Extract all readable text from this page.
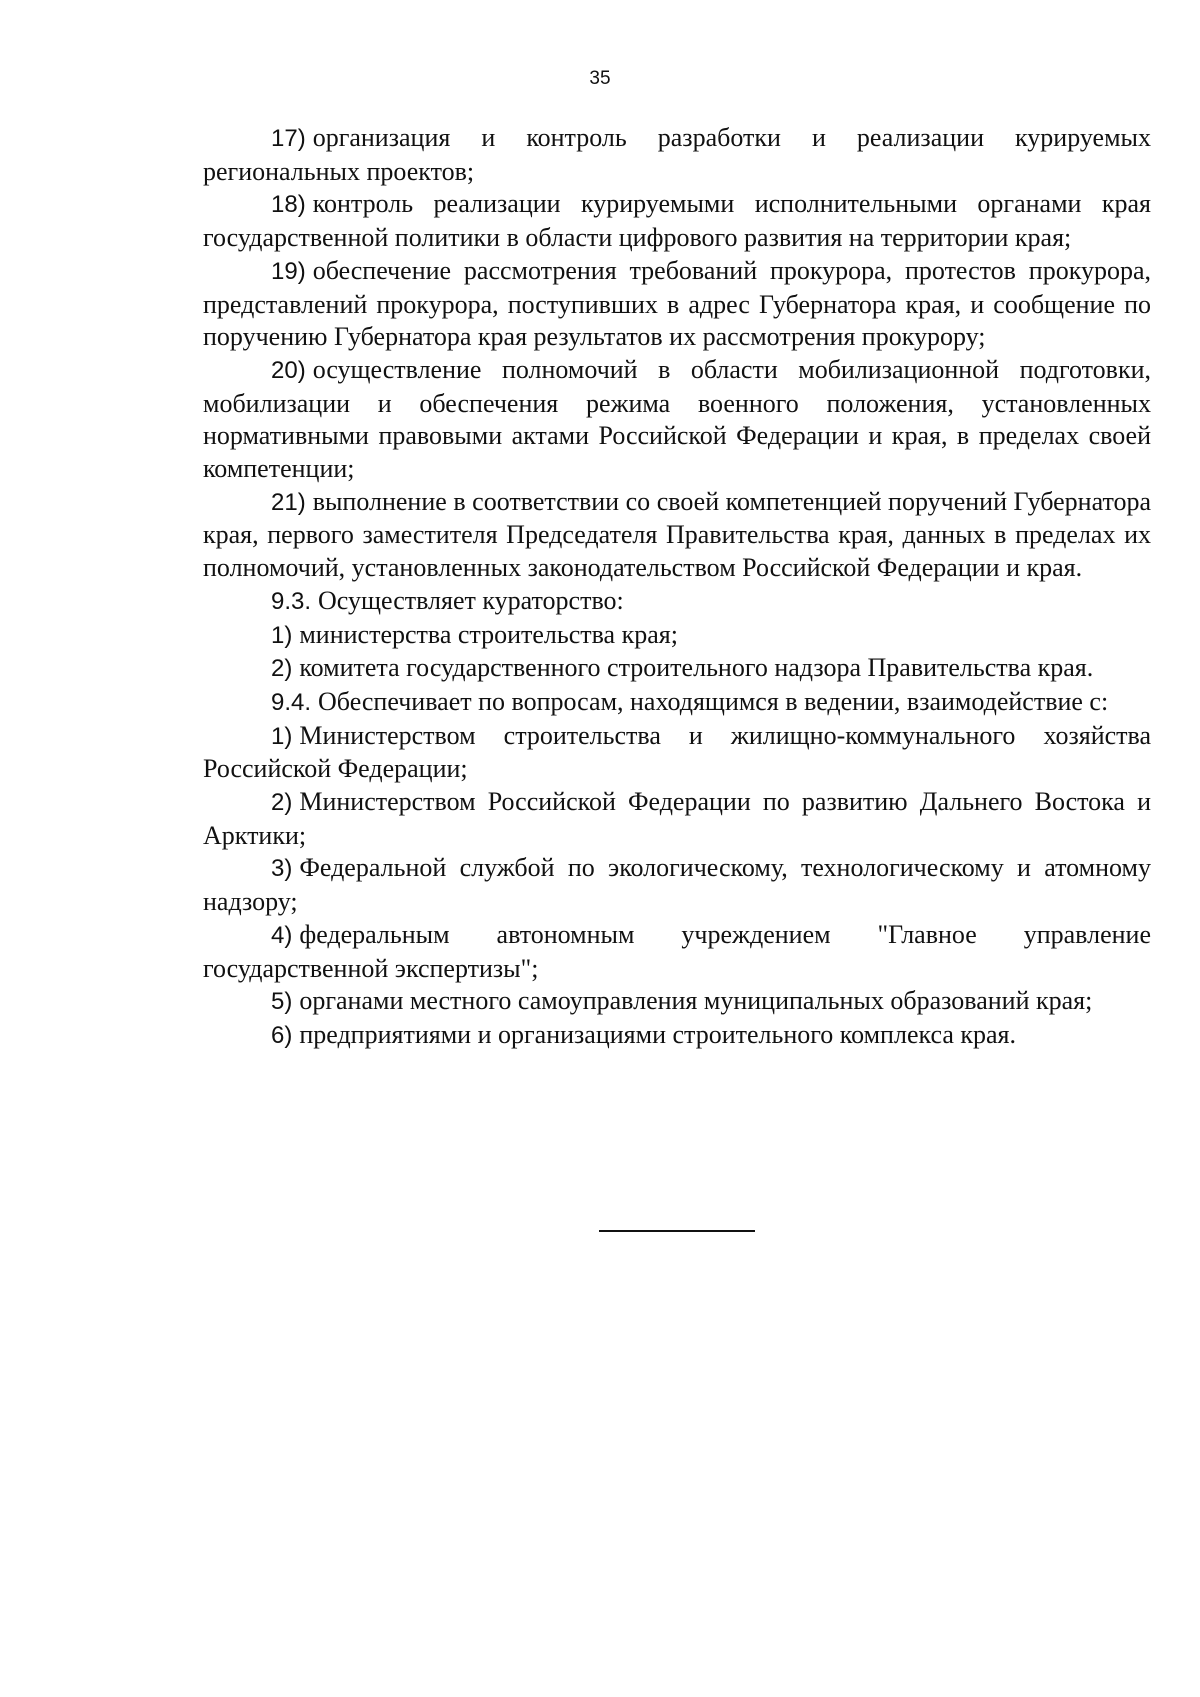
35

17) организация и контроль разработки и реализации курируемых региональных проектов;

18) контроль реализации курируемыми исполнительными органами края государственной политики в области цифрового развития на территории края;

19) обеспечение рассмотрения требований прокурора, протестов прокурора, представлений прокурора, поступивших в адрес Губернатора края, и сообщение по поручению Губернатора края результатов их рассмотрения прокурору;

20) осуществление полномочий в области мобилизационной подготовки, мобилизации и обеспечения режима военного положения, установленных нормативными правовыми актами Российской Федерации и края, в пределах своей компетенции;

21) выполнение в соответствии со своей компетенцией поручений Губернатора края, первого заместителя Председателя Правительства края, данных в пределах их полномочий, установленных законодательством Российской Федерации и края.

9.3. Осуществляет кураторство:

1) министерства строительства края;

2) комитета государственного строительного надзора Правительства края.

9.4. Обеспечивает по вопросам, находящимся в ведении, взаимодействие с:

1) Министерством строительства и жилищно-коммунального хозяйства Российской Федерации;

2) Министерством Российской Федерации по развитию Дальнего Востока и Арктики;

3) Федеральной службой по экологическому, технологическому и атомному надзору;

4) федеральным автономным учреждением "Главное управление государственной экспертизы";

5) органами местного самоуправления муниципальных образований края;

6) предприятиями и организациями строительного комплекса края.
